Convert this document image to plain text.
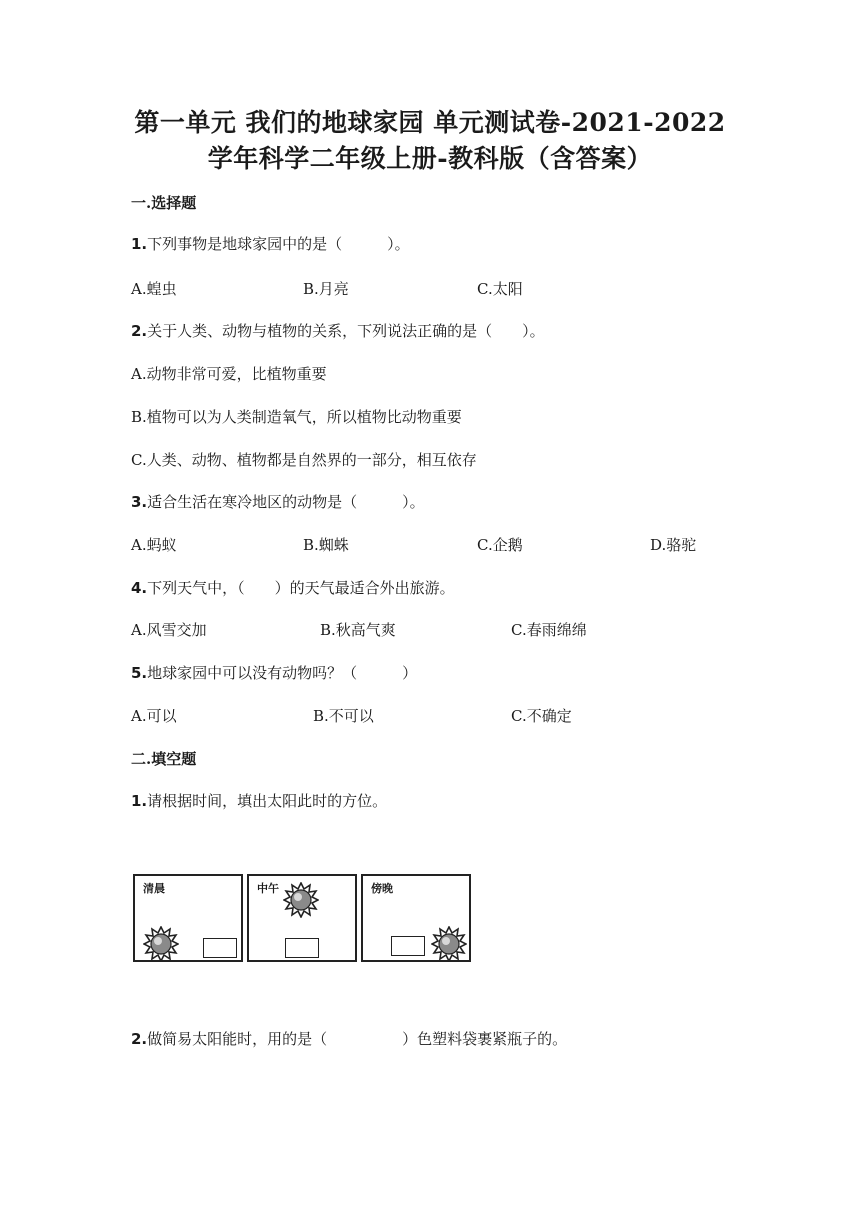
第一单元 我们的地球家园 单元测试卷-2021-2022
学年科学二年级上册-教科版（含答案）
一.选择题
1.下列事物是地球家园中的是（　　　）。
A.蝗虫	B.月亮	C.太阳
2.关于人类、动物与植物的关系，下列说法正确的是（　　）。
A.动物非常可爱，比植物重要
B.植物可以为人类制造氧气，所以植物比动物重要
C.人类、动物、植物都是自然界的一部分，相互依存
3.适合生活在寒冷地区的动物是（　　　）。
A.蚂蚁	B.蜘蛛	C.企鹅	D.骆驼
4.下列天气中，（　　）的天气最适合外出旅游。
A.风雪交加	B.秋高气爽	C.春雨绵绵
5.地球家园中可以没有动物吗？（　　　）
A.可以	B.不可以	C.不确定
二.填空题
1.请根据时间，填出太阳此时的方位。
清晨	中午	傍晚
2.做简易太阳能时，用的是（　　　　　）色塑料袋裹紧瓶子的。
